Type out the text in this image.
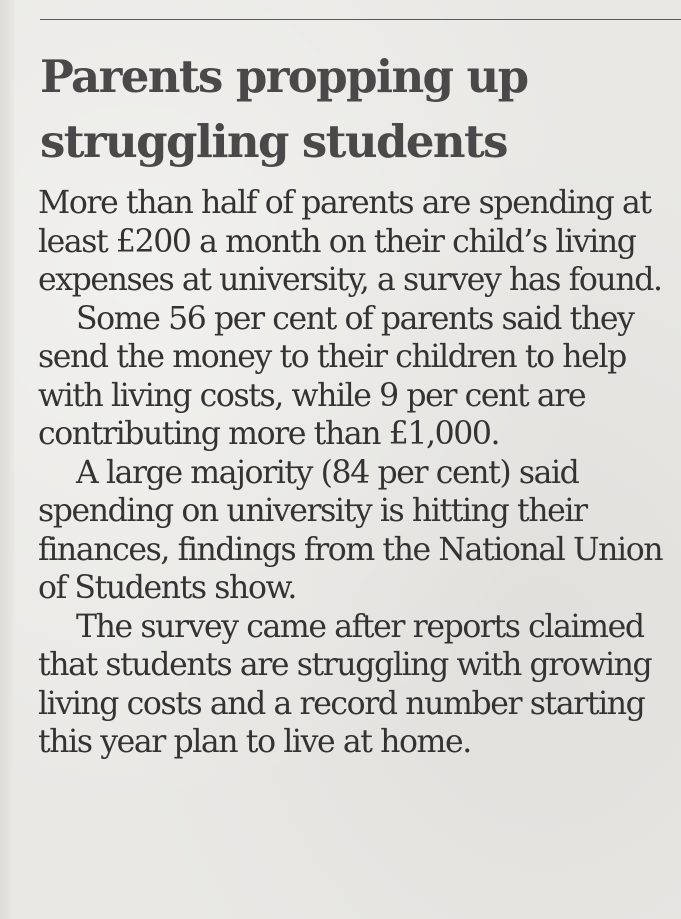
Parents propping up struggling students

More than half of parents are spending at least £200 a month on their child’s living expenses at university, a survey has found.

Some 56 per cent of parents said they send the money to their children to help with living costs, while 9 per cent are contributing more than £1,000.

A large majority (84 per cent) said spending on university is hitting their finances, findings from the National Union of Students show.

The survey came after reports claimed that students are struggling with growing living costs and a record number starting this year plan to live at home.
